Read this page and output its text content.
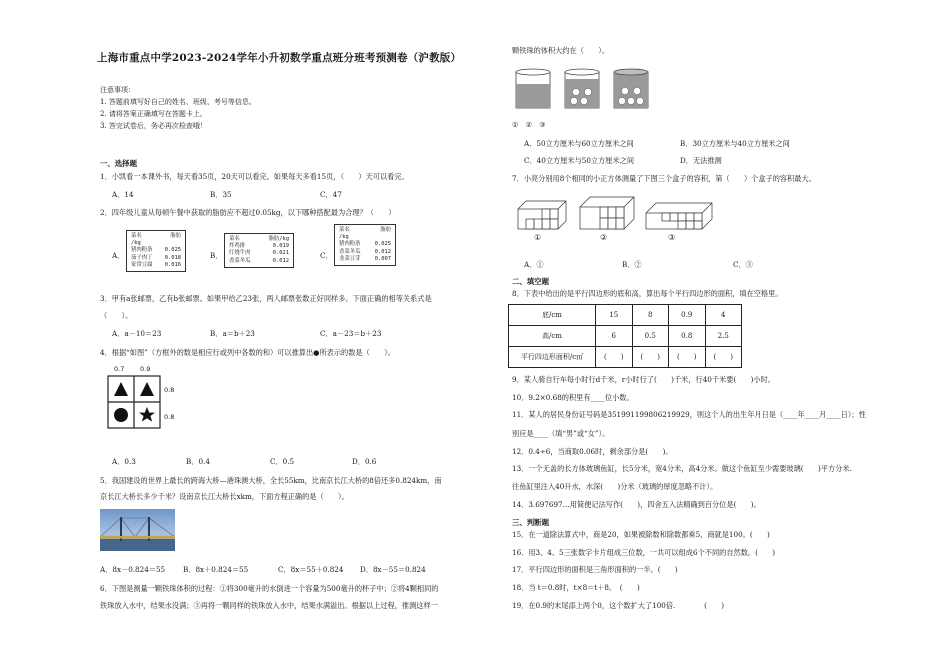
上海市重点中学2023-2024学年小升初数学重点班分班考预测卷（沪教版）
注意事项：
1. 答题前填写好自己的姓名、班级、考号等信息。
2. 请将答案正确填写在答题卡上。
3. 答完试卷后，务必再次检查哦！
一、选择题
1．小凯看一本课外书，每天看35页，20天可以看完。如果每天多看15页，（　　）天可以看完。
A．14	B．35	C．47
2．四年级儿童从每顿午餐中获取的脂肪应不超过0.05kg，以下哪种搭配最为合理？（　　）
A．
菜名	脂肪
/kg
猪肉粉条 0.025
茄子肉丁 0.018
家常豆腐 0.016
B．
菜名	脂肪/kg
炸鸡排	0.019
红烧牛肉	0.021
香菜冬瓜	0.012
C．
菜名	脂肪
/kg
猪肉粉条	0.025
香菜冬瓜	0.012
韭菜豆芽	0.007
3．甲有a张邮票，乙有b张邮票。如果甲给乙23张，两人邮票张数正好同样多。下面正确的相等关系式是
（　　）。
A．a－10＝23	B．a＝b＋23	C．a－23＝b＋23
4．根据“如图”（方框外的数是相应行或列中各数的和）可以推算出●所表示的数是（　　）。
0.7 0.9
0.8
0.8
A．0.3	B．0.4	C．0.5	D．0.6
5．我国建设的世界上最长的跨海大桥—港珠澳大桥，全长55km，比南京长江大桥的8倍还多0.824km，南
京长江大桥长多少千米？设南京长江大桥长xkm，下面方程正确的是（　　）。
A．8x－0.824＝55 B．8x＋0.824＝55	C．8x＝55＋0.824 D．8x－55＝0.824
6．下图是测量一颗铁珠体积的过程：①将300毫升的水倒进一个容量为500毫升的杯子中；②将4颗相同的
铁珠放入水中，结果水没满；③再将一颗同样的铁珠放入水中，结果水满溢出。根据以上过程，推测这样一
颗铁珠的体积大约在（　　）。
①　②　③
A．50立方厘米与60立方厘米之间	B．30立方厘米与40立方厘米之间
C．40立方厘米与50立方厘米之间	D．无法推测
7．小亮分别用8个相同的小正方体测量了下图三个盒子的容积，第（　　）个盒子的容积最大。
①	②	③
A．①	B．②	C．③
二、填空题
8．下表中给出的是平行四边形的底和高，算出每个平行四边形的面积，填在空格里。
底/cm	15	8	0.9	4
高/cm	6	0.5	0.8	2.5
平行四边形面积/c㎡	(　　)	(　　)	(　　)	(　　)
9．某人骑自行车每小时行d千米，r小时行了(　　)千米，行40千米要(　　)小时。
10．9.2×0.68的积里有____位小数。
11．某人的居民身份证号码是351991199806219929，则这个人的出生年月日是（____年____月____日）；性
别应是____（填“男”或“女”）。
12．0.4÷6，当商取0.06时，剩余部分是(　　)。
13．一个无盖的长方体玻璃鱼缸，长5分米，宽4分米，高4分米。做这个鱼缸至少需要玻璃(　　)平方分米.
往鱼缸里注入40升水，水深(　　)分米（玻璃的厚度忽略不计）。
14．3.697697…用简便记法写作(　　)，四舍五入法精确到百分位是(　　)。
三、判断题
15．在一道除法算式中，商是20，如果被除数和除数都乘5，商就是100。(　　)
16．用3、4、5三张数字卡片组成三位数，一共可以组成6个不同的自然数。(　　)
17．平行四边形的面积是三角形面积的一半。(　　)
18．当 t＝0.8时，t×8＝t＋8。　(　　)
19．在0.9的末尾添上两个0，这个数扩大了100倍.　　　　(　　)
